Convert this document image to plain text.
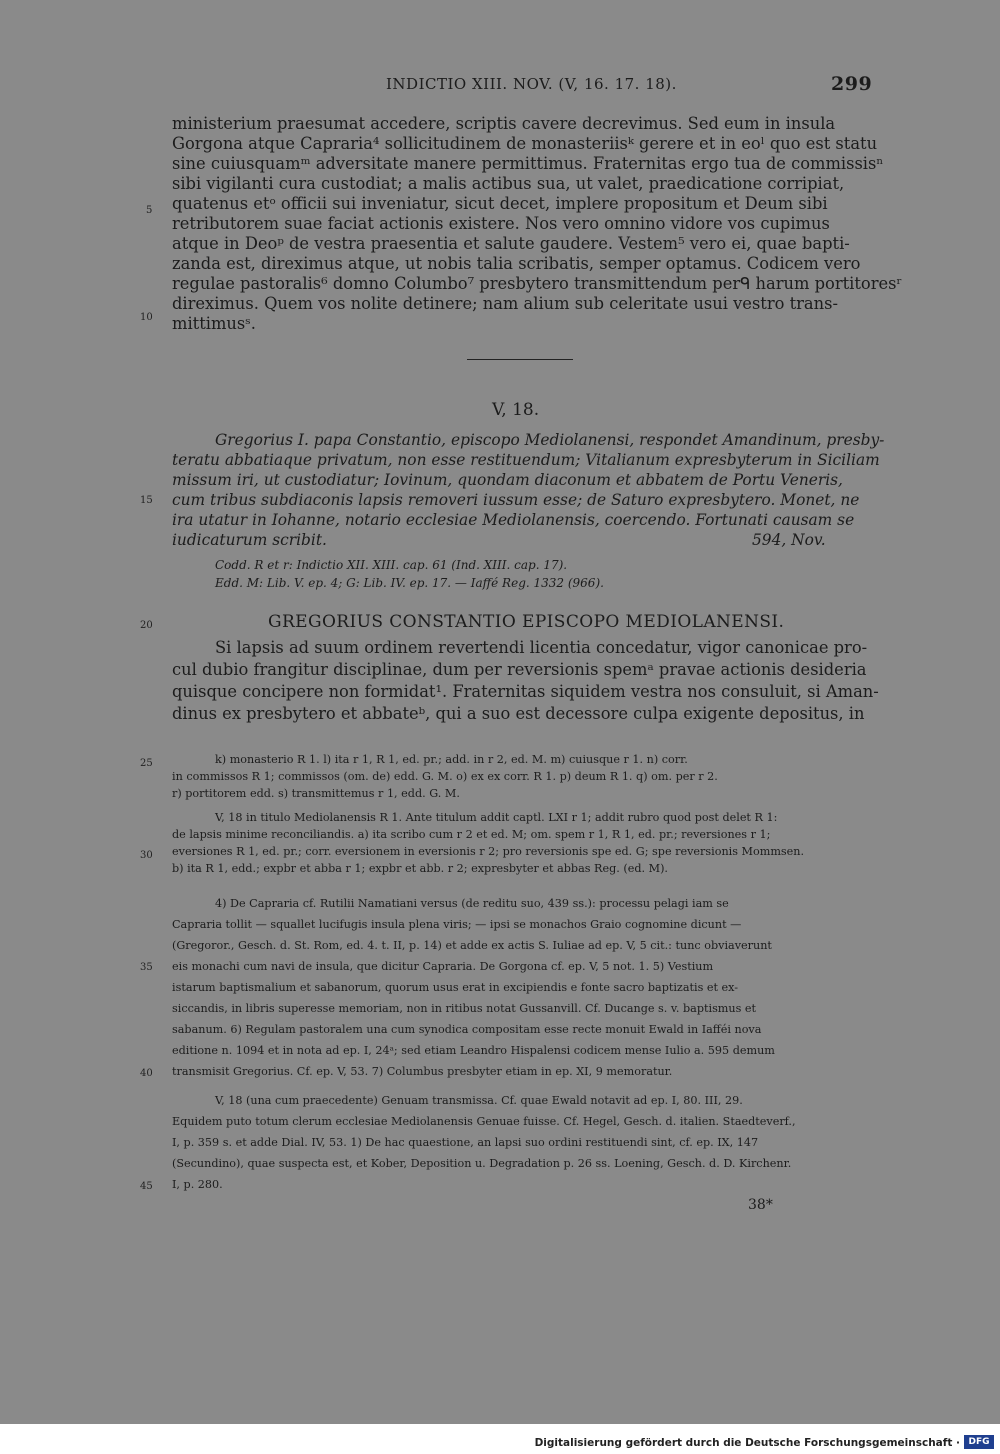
INDICTIO XIII. NOV. (V, 16. 17. 18).	299
ministerium praesumat accedere, scriptis cavere decrevimus. Sed eum in insula
Gorgona atque Capraria⁴ sollicitudinem de monasteriisᵏ gerere et in eoˡ quo est statu
sine cuiusquamᵐ adversitate manere permittimus. Fraternitas ergo tua de commissisⁿ
sibi vigilanti cura custodiat; a malis actibus sua, ut valet, praedicatione corripiat,
quatenus etᵒ officii sui inveniatur, sicut decet, implere propositum et Deum sibi
retributorem suae faciat actionis existere. Nos vero omnino vidore vos cupimus
atque in Deoᵖ de vestra praesentia et salute gaudere. Vestem⁵ vero ei, quae bapti-
zanda est, direximus atque, ut nobis talia scribatis, semper optamus. Codicem vero
regulae pastoralis⁶ domno Columbo⁷ presbytero transmittendum perᑫ harum portitoresʳ
direximus. Quem vos nolite detinere; nam alium sub celeritate usui vestro trans-
mittimusˢ.
V, 18.
Gregorius I. papa Constantio, episcopo Mediolanensi, respondet Amandinum, presby-
teratu abbatiaque privatum, non esse restituendum; Vitalianum expresbyterum in Siciliam
missum iri, ut custodiatur; Iovinum, quondam diaconum et abbatem de Portu Veneris,
cum tribus subdiaconis lapsis removeri iussum esse; de Saturo expresbytero. Monet, ne
ira utatur in Iohanne, notario ecclesiae Mediolanensis, coercendo. Fortunati causam se
iudicaturum scribit.	594, Nov.
Codd. R et r: Indictio XII. XIII. cap. 61 (Ind. XIII. cap. 17).
Edd. M: Lib. V. ep. 4; G: Lib. IV. ep. 17. — Iaffé Reg. 1332 (966).
GREGORIUS CONSTANTIO EPISCOPO MEDIOLANENSI.
Si lapsis ad suum ordinem revertendi licentia concedatur, vigor canonicae pro-
cul dubio frangitur disciplinae, dum per reversionis spemᵃ pravae actionis desideria
quisque concipere non formidat¹. Fraternitas siquidem vestra nos consuluit, si Aman-
dinus ex presbytero et abbateᵇ, qui a suo est decessore culpa exigente depositus, in
k) monasterio R 1. l) ita r 1, R 1, ed. pr.; add. in r 2, ed. M. m) cuiusque r 1. n) corr.
in commissos R 1; commissos (om. de) edd. G. M. o) ex ex corr. R 1. p) deum R 1. q) om. per r 2.
r) portitorem edd. s) transmittemus r 1, edd. G. M.
V, 18 in titulo Mediolanensis R 1. Ante titulum addit captl. LXI r 1; addit rubro quod post delet R 1:
de lapsis minime reconciliandis. a) ita scribo cum r 2 et ed. M; om. spem r 1, R 1, ed. pr.; reversiones r 1;
eversiones R 1, ed. pr.; corr. eversionem in eversionis r 2; pro reversionis spe ed. G; spe reversionis Mommsen.
b) ita R 1, edd.; expbr et abba r 1; expbr et abb. r 2; expresbyter et abbas Reg. (ed. M).
4) De Capraria cf. Rutilii Namatiani versus (de reditu suo, 439 ss.): processu pelagi iam se
Capraria tollit — squallet lucifugis insula plena viris; — ipsi se monachos Graio cognomine dicunt —
(Gregoror., Gesch. d. St. Rom, ed. 4. t. II, p. 14) et adde ex actis S. Iuliae ad ep. V, 5 cit.: tunc obviaverunt
eis monachi cum navi de insula, que dicitur Capraria. De Gorgona cf. ep. V, 5 not. 1. 5) Vestium
istarum baptismalium et sabanorum, quorum usus erat in excipiendis e fonte sacro baptizatis et ex-
siccandis, in libris superesse memoriam, non in ritibus notat Gussanvill. Cf. Ducange s. v. baptismus et
sabanum. 6) Regulam pastoralem una cum synodica compositam esse recte monuit Ewald in Iafféi nova
editione n. 1094 et in nota ad ep. I, 24ᵃ; sed etiam Leandro Hispalensi codicem mense Iulio a. 595 demum
transmisit Gregorius. Cf. ep. V, 53. 7) Columbus presbyter etiam in ep. XI, 9 memoratur.
V, 18 (una cum praecedente) Genuam transmissa. Cf. quae Ewald notavit ad ep. I, 80. III, 29.
Equidem puto totum clerum ecclesiae Mediolanensis Genuae fuisse. Cf. Hegel, Gesch. d. italien. Staedteverf.,
I, p. 359 s. et adde Dial. IV, 53. 1) De hac quaestione, an lapsi suo ordini restituendi sint, cf. ep. IX, 147
(Secundino), quae suspecta est, et Kober, Deposition u. Degradation p. 26 ss. Loening, Gesch. d. D. Kirchenr.
I, p. 280.
5
10
15
20
25
30
35
40
45
38*
Digitalisierung gefördert durch die Deutsche Forschungsgemeinschaft · DFG
